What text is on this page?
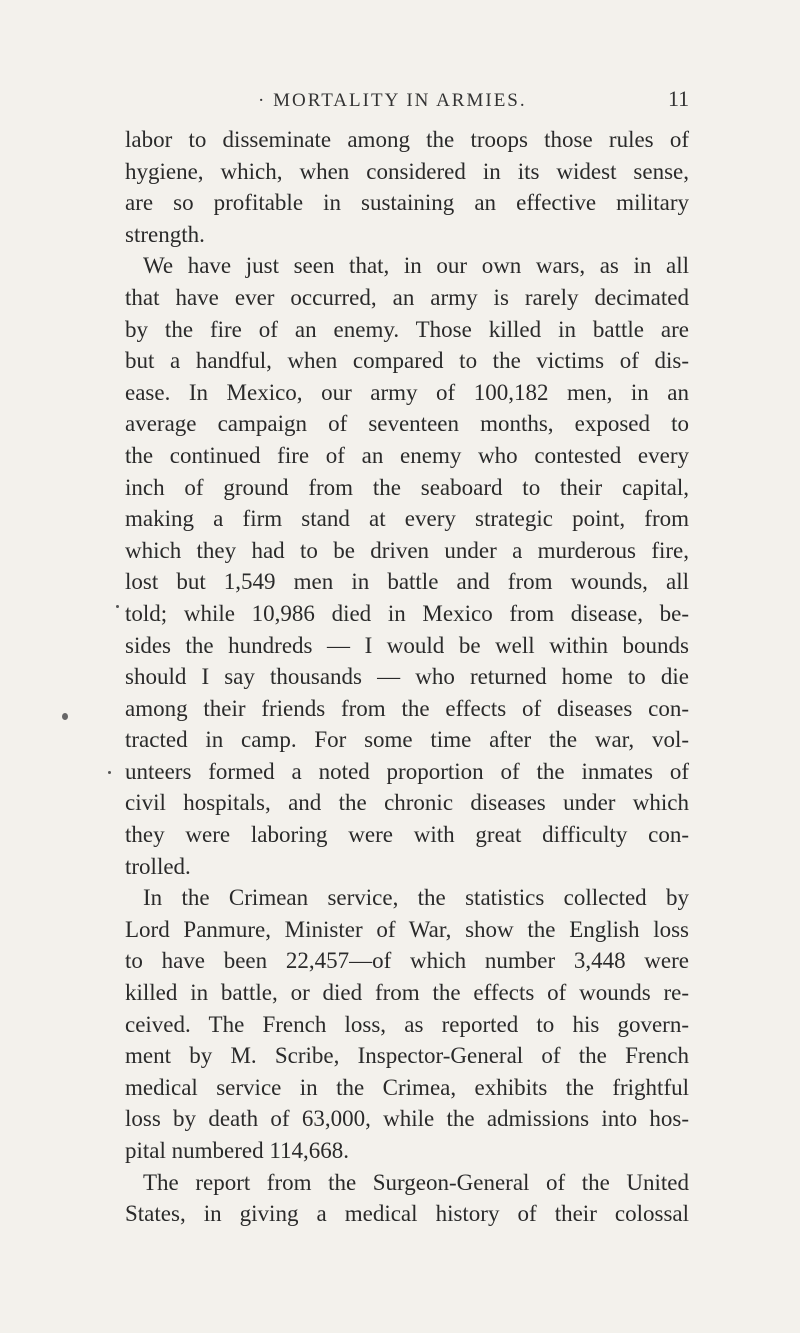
· MORTALITY IN ARMIES.	11
labor to disseminate among the troops those rules of
hygiene, which, when considered in its widest sense,
are so profitable in sustaining an effective military
strength.
We have just seen that, in our own wars, as in all
that have ever occurred, an army is rarely decimated
by the fire of an enemy. Those killed in battle are
but a handful, when compared to the victims of dis-
ease. In Mexico, our army of 100,182 men, in an
average campaign of seventeen months, exposed to
the continued fire of an enemy who contested every
inch of ground from the seaboard to their capital,
making a firm stand at every strategic point, from
which they had to be driven under a murderous fire,
lost but 1,549 men in battle and from wounds, all
told; while 10,986 died in Mexico from disease, be-
sides the hundreds — I would be well within bounds
should I say thousands — who returned home to die
among their friends from the effects of diseases con-
tracted in camp. For some time after the war, vol-
unteers formed a noted proportion of the inmates of
civil hospitals, and the chronic diseases under which
they were laboring were with great difficulty con-
trolled.
In the Crimean service, the statistics collected by
Lord Panmure, Minister of War, show the English loss
to have been 22,457—of which number 3,448 were
killed in battle, or died from the effects of wounds re-
ceived. The French loss, as reported to his govern-
ment by M. Scribe, Inspector-General of the French
medical service in the Crimea, exhibits the frightful
loss by death of 63,000, while the admissions into hos-
pital numbered 114,668.
The report from the Surgeon-General of the United
States, in giving a medical history of their colossal
